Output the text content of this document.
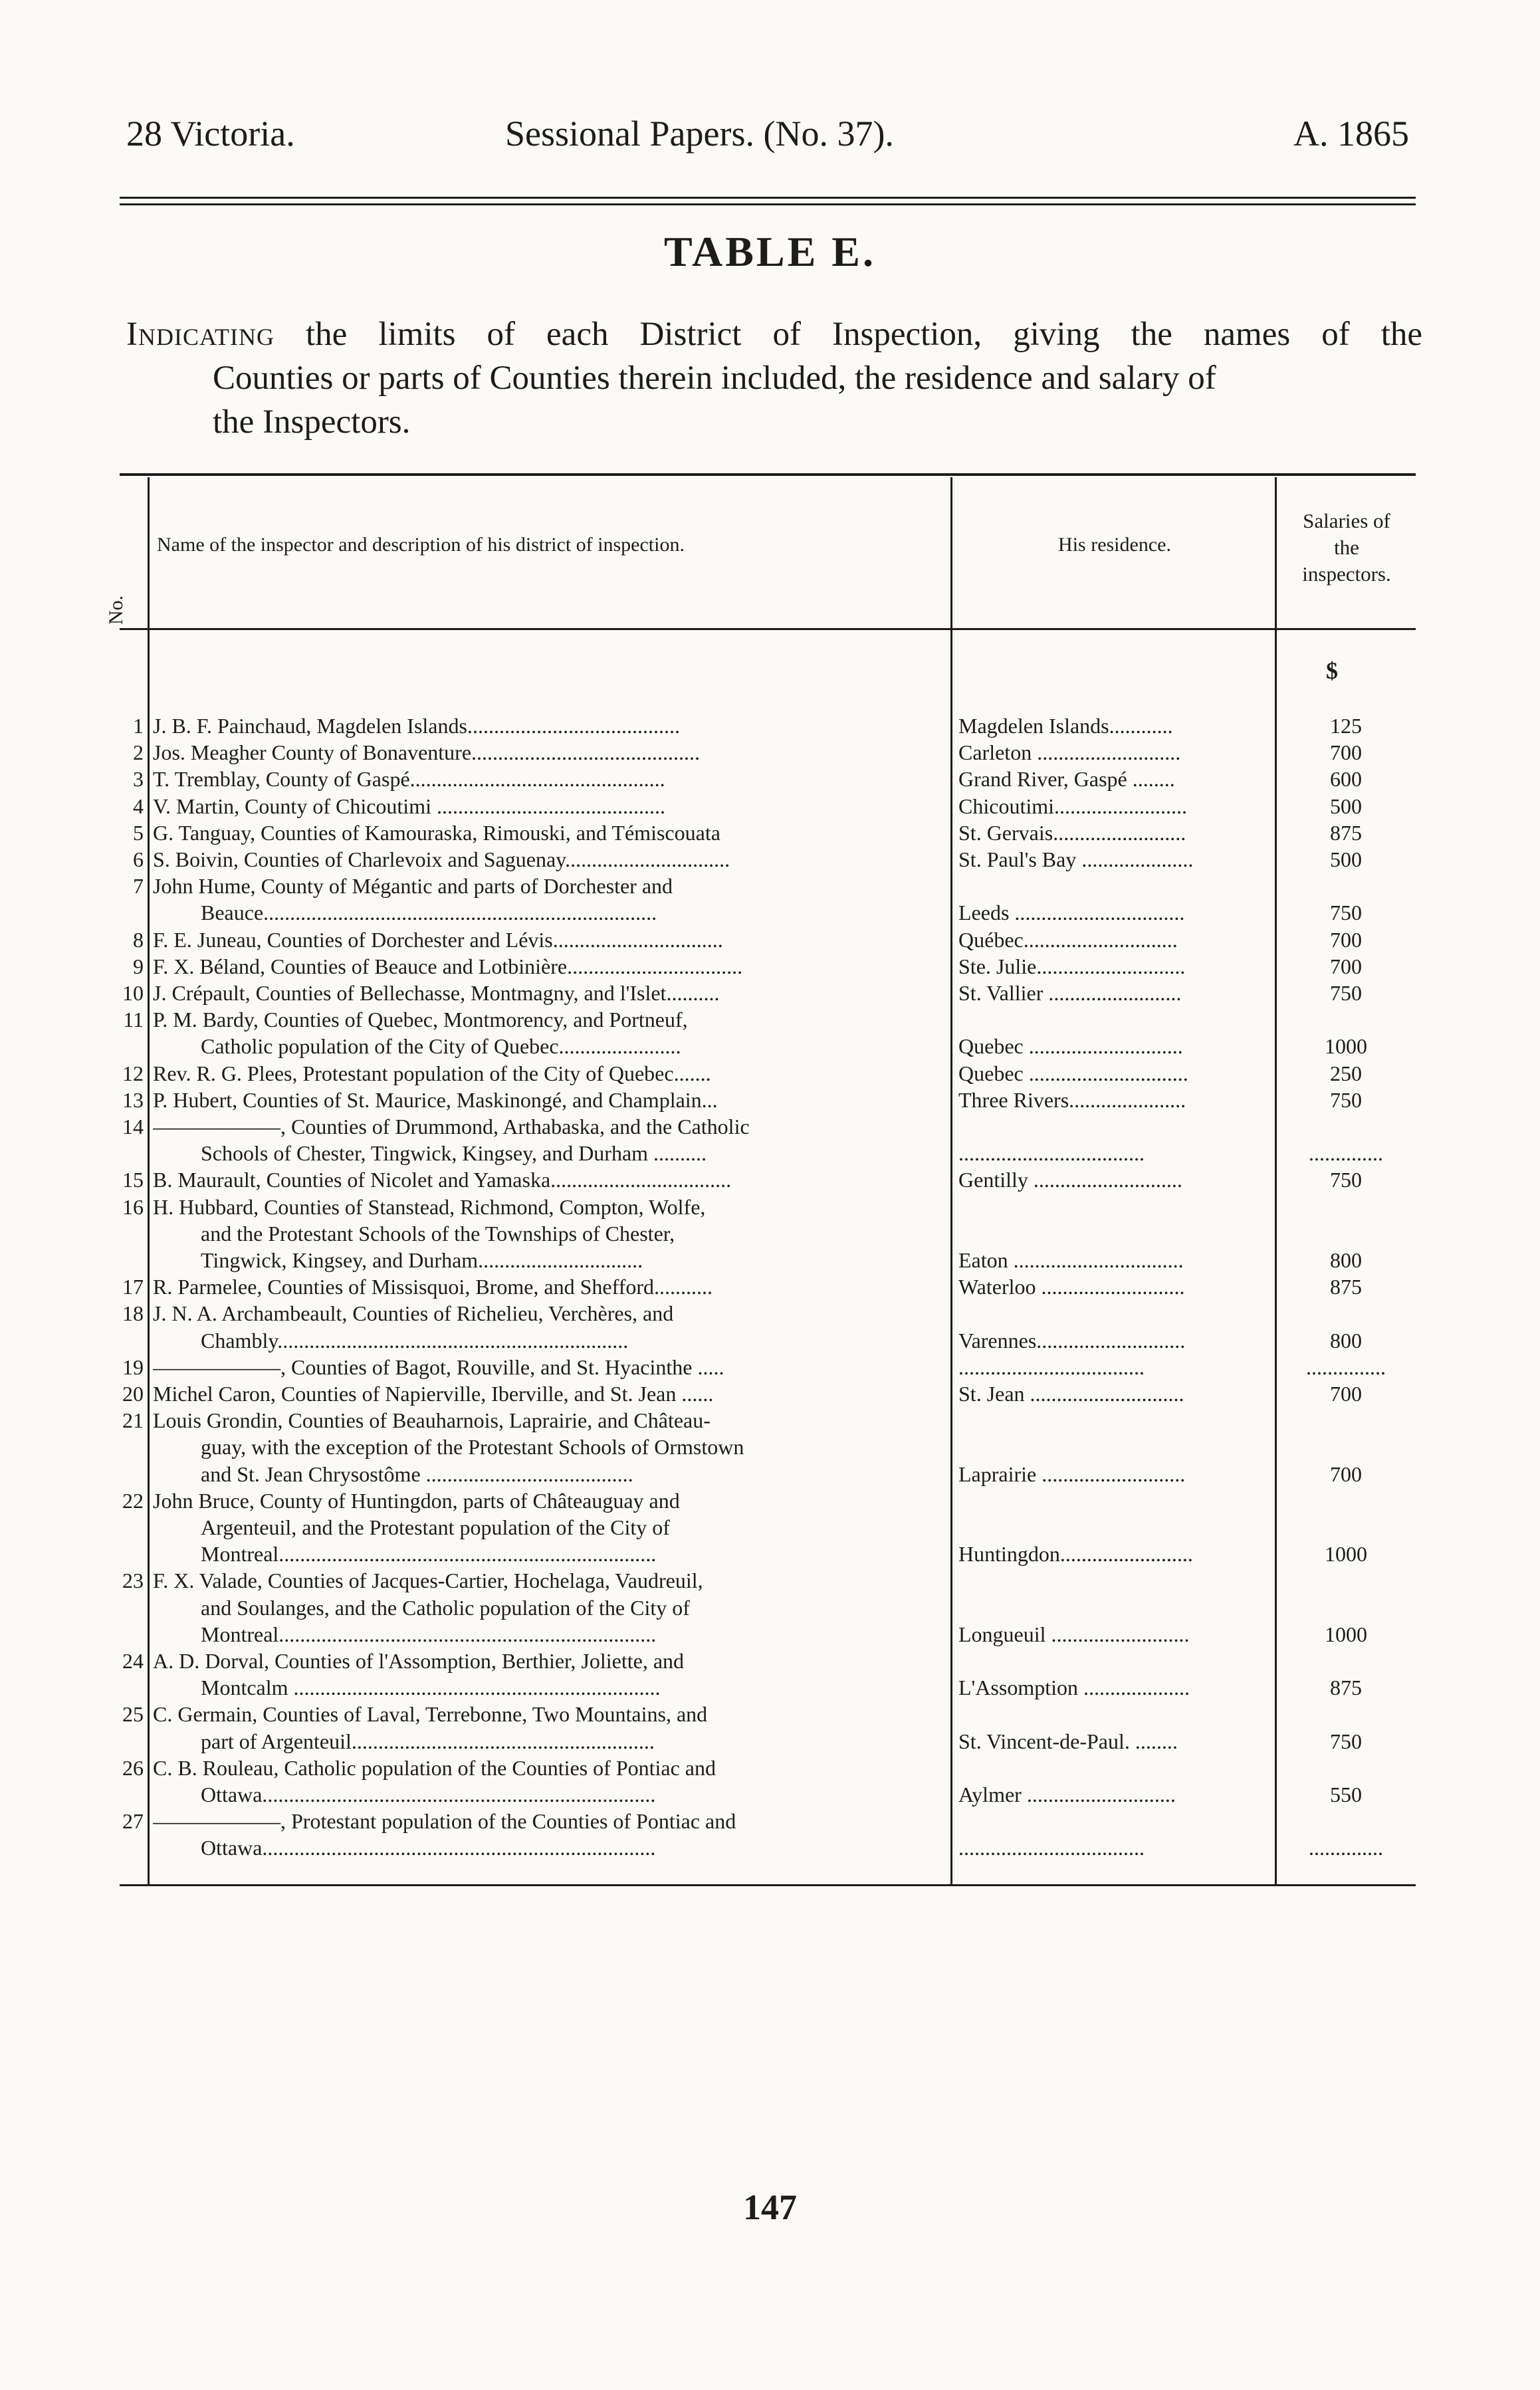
28 Victoria.	Sessional Papers. (No. 37).	A. 1865
TABLE E.
Indicating the limits of each District of Inspection, giving the names of the
Counties or parts of Counties therein included, the residence and salary of
the Inspectors.
No.
Name of the inspector and description of his district of inspection.	His residence.
Salaries of
the
inspectors.
$
1 J. B. F. Painchaud, Magdelen Islands........................................	Magdelen Islands............	125
2 Jos. Meagher County of Bonaventure...........................................	Carleton ...........................	700
3 T. Tremblay, County of Gaspé................................................	Grand River, Gaspé ........	600
4 V. Martin, County of Chicoutimi ...........................................	Chicoutimi.........................	500
5 G. Tanguay, Counties of Kamouraska, Rimouski, and Témiscouata	St. Gervais.........................	875
6 S. Boivin, Counties of Charlevoix and Saguenay...............................	St. Paul's Bay .....................	500
7 John Hume, County of Mégantic and parts of Dorchester and
Beauce..........................................................................	Leeds ................................	750
8 F. E. Juneau, Counties of Dorchester and Lévis................................	Québec.............................	700
9 F. X. Béland, Counties of Beauce and Lotbinière.................................	Ste. Julie............................	700
10 J. Crépault, Counties of Bellechasse, Montmagny, and l'Islet..........	St. Vallier .........................	750
11 P. M. Bardy, Counties of Quebec, Montmorency, and Portneuf,
Catholic population of the City of Quebec.......................	Quebec .............................	1000
12 Rev. R. G. Plees, Protestant population of the City of Quebec.......	Quebec ..............................	250
13 P. Hubert, Counties of St. Maurice, Maskinongé, and Champlain...	Three Rivers......................	750
14 ——————, Counties of Drummond, Arthabaska, and the Catholic
Schools of Chester, Tingwick, Kingsey, and Durham ..........	...................................	..............
15 B. Maurault, Counties of Nicolet and Yamaska..................................	Gentilly ............................	750
16 H. Hubbard, Counties of Stanstead, Richmond, Compton, Wolfe,
and the Protestant Schools of the Townships of Chester,
Tingwick, Kingsey, and Durham...............................	Eaton ................................	800
17 R. Parmelee, Counties of Missisquoi, Brome, and Shefford...........	Waterloo ...........................	875
18 J. N. A. Archambeault, Counties of Richelieu, Verchères, and
Chambly..................................................................	Varennes............................	800
19 ——————, Counties of Bagot, Rouville, and St. Hyacinthe .....	...................................	...............
20 Michel Caron, Counties of Napierville, Iberville, and St. Jean ......	St. Jean .............................	700
21 Louis Grondin, Counties of Beauharnois, Laprairie, and Château-
guay, with the exception of the Protestant Schools of Ormstown
and St. Jean Chrysostôme .......................................	Laprairie ...........................	700
22 John Bruce, County of Huntingdon, parts of Châteauguay and
Argenteuil, and the Protestant population of the City of
Montreal.......................................................................	Huntingdon.........................	1000
23 F. X. Valade, Counties of Jacques-Cartier, Hochelaga, Vaudreuil,
and Soulanges, and the Catholic population of the City of
Montreal.......................................................................	Longueuil ..........................	1000
24 A. D. Dorval, Counties of l'Assomption, Berthier, Joliette, and
Montcalm .....................................................................	L'Assomption ....................	875
25 C. Germain, Counties of Laval, Terrebonne, Two Mountains, and
part of Argenteuil.........................................................	St. Vincent-de-Paul. ........	750
26 C. B. Rouleau, Catholic population of the Counties of Pontiac and
Ottawa..........................................................................	Aylmer ............................	550
27 ——————, Protestant population of the Counties of Pontiac and
Ottawa..........................................................................	...................................	..............
147
